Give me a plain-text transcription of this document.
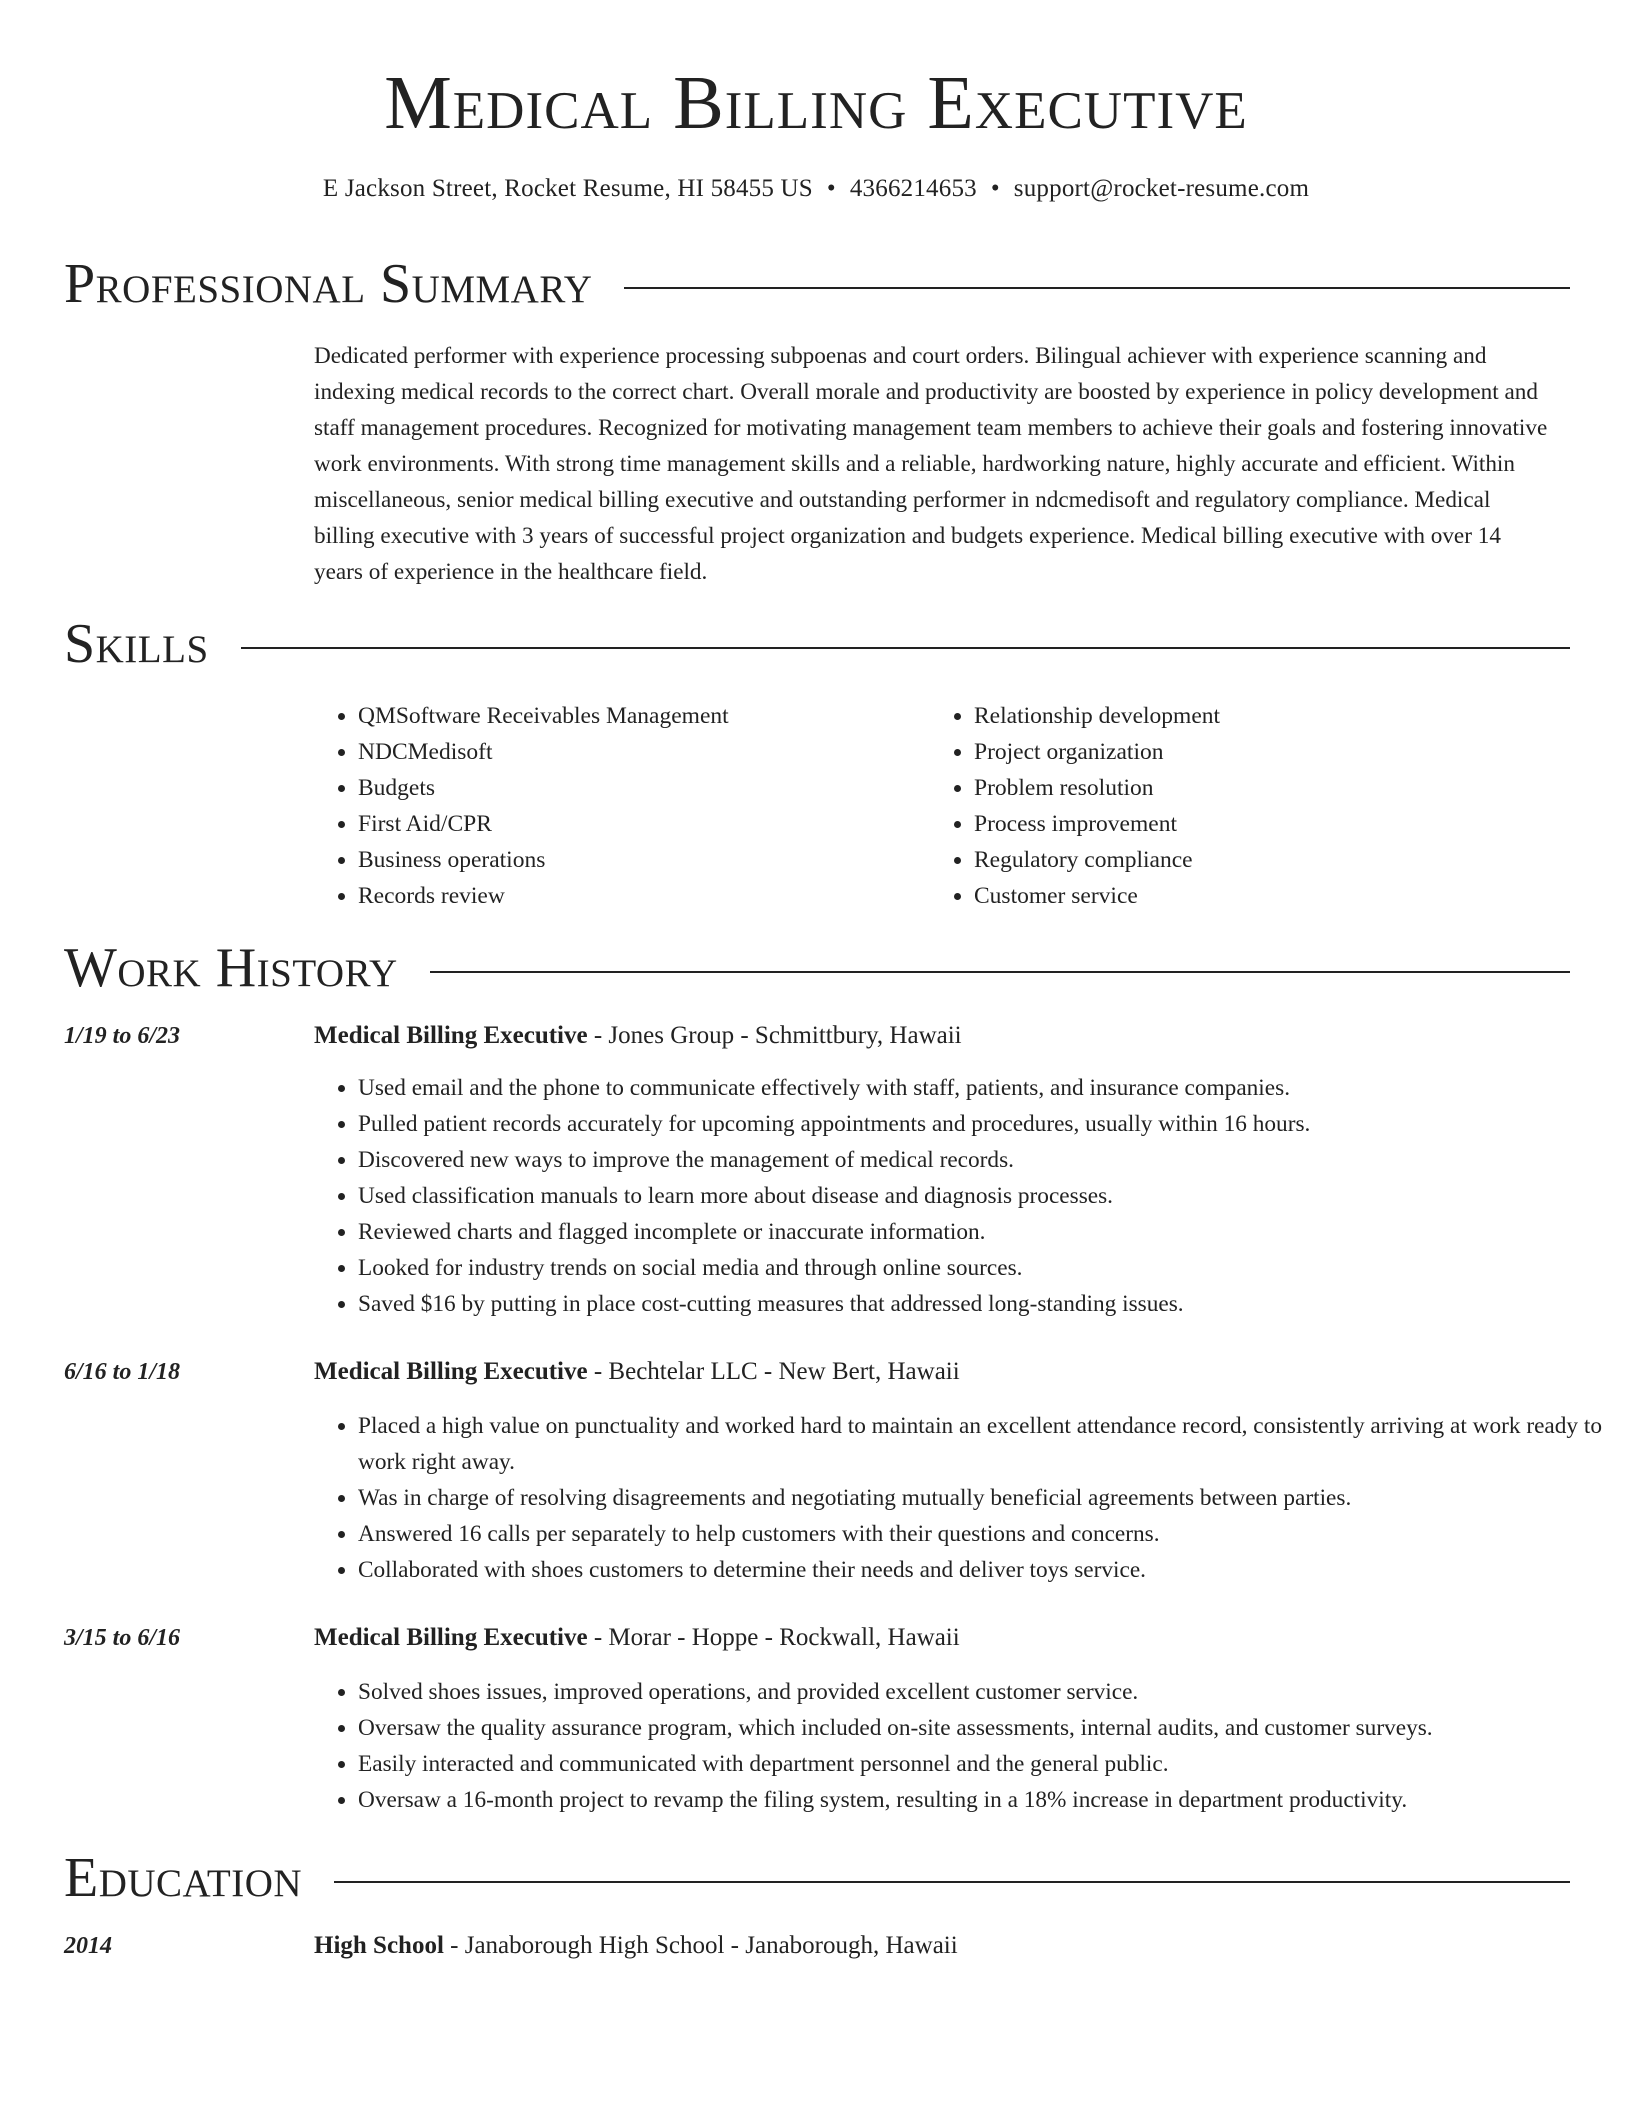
Medical Billing Executive
E Jackson Street, Rocket Resume, HI 58455 US • 4366214653 • support@rocket-resume.com
Professional Summary
Dedicated performer with experience processing subpoenas and court orders. Bilingual achiever with experience scanning and indexing medical records to the correct chart. Overall morale and productivity are boosted by experience in policy development and staff management procedures. Recognized for motivating management team members to achieve their goals and fostering innovative work environments. With strong time management skills and a reliable, hardworking nature, highly accurate and efficient. Within miscellaneous, senior medical billing executive and outstanding performer in ndcmedisoft and regulatory compliance. Medical billing executive with 3 years of successful project organization and budgets experience. Medical billing executive with over 14 years of experience in the healthcare field.
Skills
• QMSoftware Receivables Management
• NDCMedisoft
• Budgets
• First Aid/CPR
• Business operations
• Records review
• Relationship development
• Project organization
• Problem resolution
• Process improvement
• Regulatory compliance
• Customer service
Work History
1/19 to 6/23	Medical Billing Executive - Jones Group - Schmittbury, Hawaii
• Used email and the phone to communicate effectively with staff, patients, and insurance companies.
• Pulled patient records accurately for upcoming appointments and procedures, usually within 16 hours.
• Discovered new ways to improve the management of medical records.
• Used classification manuals to learn more about disease and diagnosis processes.
• Reviewed charts and flagged incomplete or inaccurate information.
• Looked for industry trends on social media and through online sources.
• Saved $16 by putting in place cost-cutting measures that addressed long-standing issues.
6/16 to 1/18	Medical Billing Executive - Bechtelar LLC - New Bert, Hawaii
• Placed a high value on punctuality and worked hard to maintain an excellent attendance record, consistently arriving at work ready to work right away.
• Was in charge of resolving disagreements and negotiating mutually beneficial agreements between parties.
• Answered 16 calls per separately to help customers with their questions and concerns.
• Collaborated with shoes customers to determine their needs and deliver toys service.
3/15 to 6/16	Medical Billing Executive - Morar - Hoppe - Rockwall, Hawaii
• Solved shoes issues, improved operations, and provided excellent customer service.
• Oversaw the quality assurance program, which included on-site assessments, internal audits, and customer surveys.
• Easily interacted and communicated with department personnel and the general public.
• Oversaw a 16-month project to revamp the filing system, resulting in a 18% increase in department productivity.
Education
2014	High School - Janaborough High School - Janaborough, Hawaii
